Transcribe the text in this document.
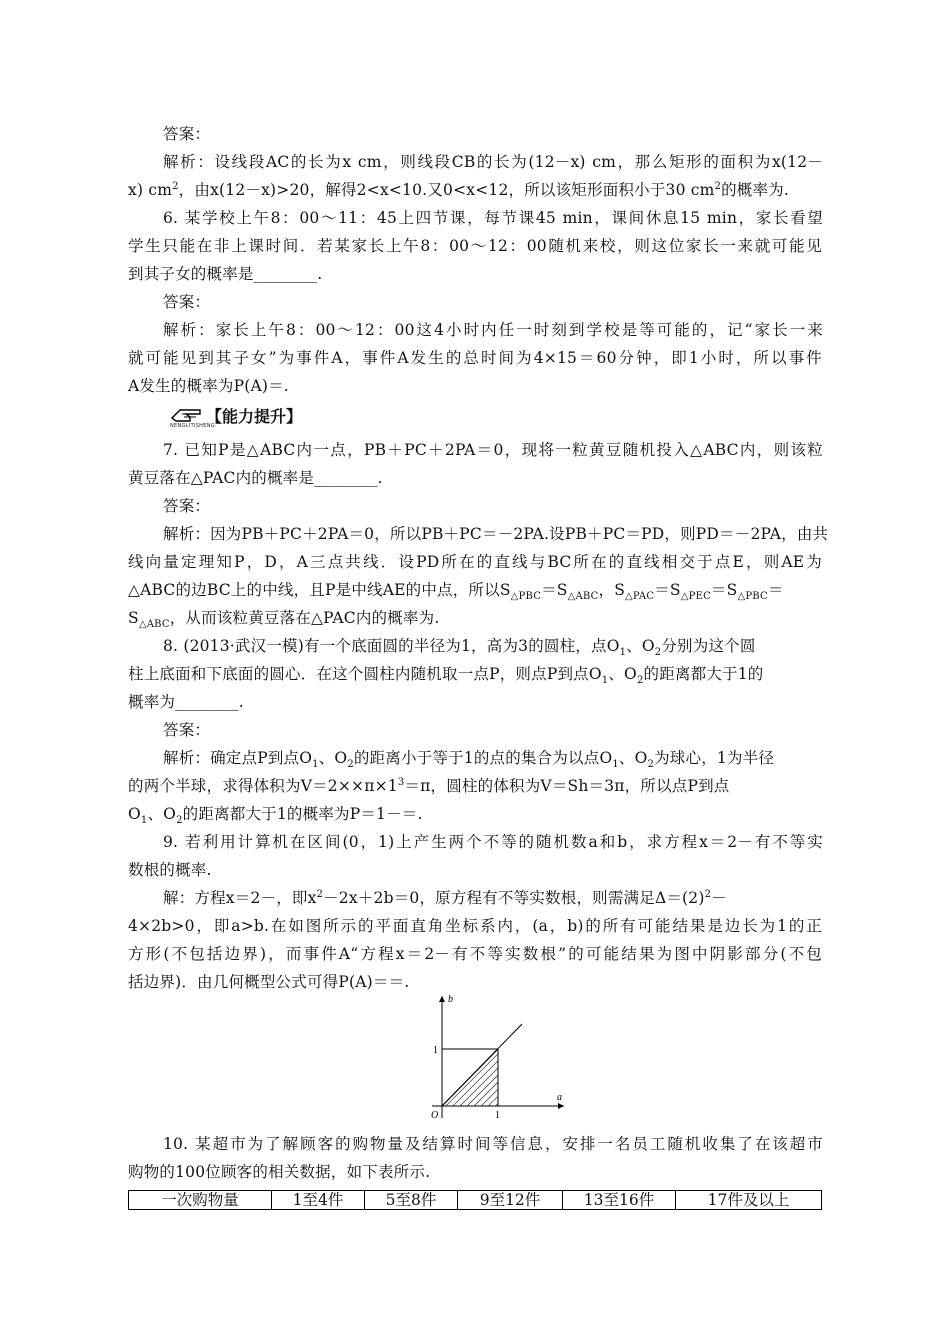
答案：
解析：设线段AC的长为x cm，则线段CB的长为(12－x) cm，那么矩形的面积为x(12－
x) $cm^2$，由x(12－x)>20，解得2<x<10.又0<x<12，所以该矩形面积小于30 $cm^2$的概率为.
6. 某学校上午8：00～11：45上四节课，每节课45 min，课间休息15 min，家长看望
学生只能在非上课时间．若某家长上午8：00～12：00随机来校，则这位家长一来就可能见
到其子女的概率是________.
答案：
解析：家长上午8：00～12：00这4小时内任一时刻到学校是等可能的，记“家长一来
就可能见到其子女”为事件A，事件A发生的总时间为4×15＝60分钟，即1小时，所以事件
A发生的概率为P(A)＝.
NENGLITISHENG
【能力提升】
7. 已知P是△ABC内一点，PB＋PC＋2PA＝0，现将一粒黄豆随机投入△ABC内，则该粒
黄豆落在△PAC内的概率是________.
答案：
解析：因为PB＋PC＋2PA＝0，所以PB＋PC＝－2PA.设PB＋PC＝PD，则PD＝－2PA，由共
线向量定理知P，D，A三点共线．设PD所在的直线与BC所在的直线相交于点E，则AE为
△ABC的边BC上的中线，且P是中线AE的中点，所以$S_{\triangle PBC}=S_{\triangle ABC}$，$S_{\triangle PAC}=S_{\triangle PEC}=S_{\triangle PBC}=$
$S_{\triangle ABC}$，从而该粒黄豆落在△PAC内的概率为.
8. (2013·武汉一模)有一个底面圆的半径为1，高为3的圆柱，点$O_1$、$O_2$分别为这个圆
柱上底面和下底面的圆心．在这个圆柱内随机取一点P，则点P到点$O_1$、$O_2$的距离都大于1的
概率为________.
答案：
解析：确定点P到点$O_1$、$O_2$的距离小于等于1的点的集合为以点$O_1$、$O_2$为球心，1为半径
的两个半球，求得体积为$V=2\times\times\pi\times 1^3=\pi$，圆柱的体积为V＝Sh＝3π，所以点P到点
$O_1$、$O_2$的距离都大于1的概率为P＝1－＝.
9. 若利用计算机在区间(0，1)上产生两个不等的随机数a和b，求方程x＝2－有不等实
数根的概率.
解：方程x＝2－，即$x^2-2x+2b=0$，原方程有不等实数根，则需满足$\Delta=(2)^2-$
4×2b>0，即a>b.在如图所示的平面直角坐标系内，(a，b)的所有可能结果是边长为1的正
方形(不包括边界)，而事件A“方程x＝2－有不等实数根”的可能结果为图中阴影部分(不包
括边界)．由几何概型公式可得P(A)＝＝.
b
a
O	1
1
10. 某超市为了解顾客的购物量及结算时间等信息，安排一名员工随机收集了在该超市
购物的100位顾客的相关数据，如下表所示.
一次购物量	1至4件	5至8件	9至12件	13至16件	17件及以上
